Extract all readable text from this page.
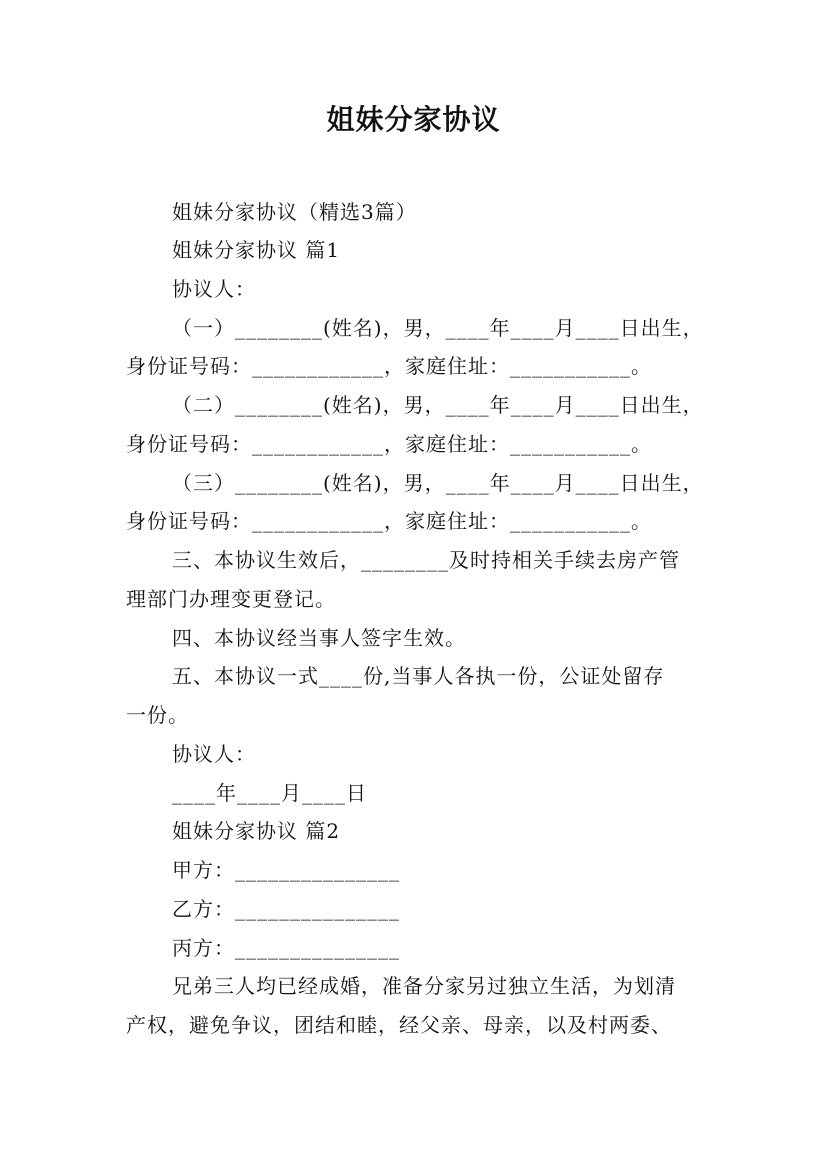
姐妹分家协议
姐妹分家协议（精选3篇）
姐妹分家协议 篇1
协议人：
（一）________(姓名)，男，____年____月____日出生，
身份证号码：____________，家庭住址：___________。
（二）________(姓名)，男，____年____月____日出生，
身份证号码：____________，家庭住址：___________。
（三）________(姓名)，男，____年____月____日出生，
身份证号码：____________，家庭住址：___________。
三、本协议生效后，________及时持相关手续去房产管
理部门办理变更登记。
四、本协议经当事人签字生效。
五、本协议一式____份,当事人各执一份，公证处留存
一份。
协议人：
____年____月____日
姐妹分家协议 篇2
甲方：_______________
乙方：_______________
丙方：_______________
兄弟三人均已经成婚，准备分家另过独立生活，为划清
产权，避免争议，团结和睦，经父亲、母亲，以及村两委、
